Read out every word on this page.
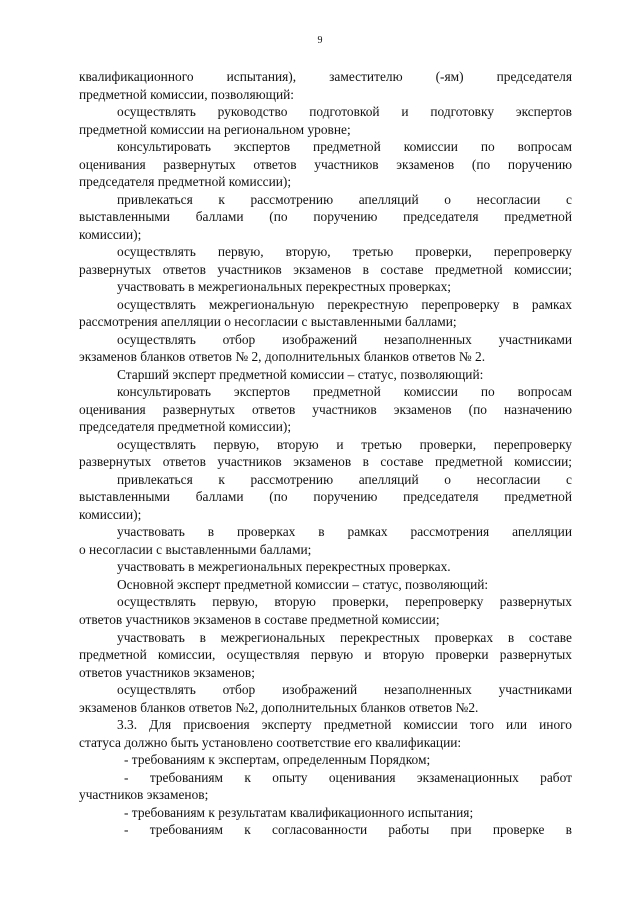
9
квалификационного испытания), заместителю (-ям) председателя
предметной комиссии, позволяющий:
осуществлять руководство подготовкой и подготовку экспертов
предметной комиссии на региональном уровне;
консультировать экспертов предметной комиссии по вопросам
оценивания развернутых ответов участников экзаменов (по поручению
председателя предметной комиссии);
привлекаться к рассмотрению апелляций о несогласии с
выставленными баллами (по поручению председателя предметной
комиссии);
осуществлять первую, вторую, третью проверки, перепроверку
развернутых ответов участников экзаменов в составе предметной комиссии;
участвовать в межрегиональных перекрестных проверках;
осуществлять межрегиональную перекрестную перепроверку в рамках
рассмотрения апелляции о несогласии с выставленными баллами;
осуществлять отбор изображений незаполненных участниками
экзаменов бланков ответов № 2, дополнительных бланков ответов № 2.
Старший эксперт предметной комиссии – статус, позволяющий:
консультировать экспертов предметной комиссии по вопросам
оценивания развернутых ответов участников экзаменов (по назначению
председателя предметной комиссии);
осуществлять первую, вторую и третью проверки, перепроверку
развернутых ответов участников экзаменов в составе предметной комиссии;
привлекаться к рассмотрению апелляций о несогласии с
выставленными баллами (по поручению председателя предметной
комиссии);
участвовать в проверках в рамках рассмотрения апелляции
о несогласии с выставленными баллами;
участвовать в межрегиональных перекрестных проверках.
Основной эксперт предметной комиссии – статус, позволяющий:
осуществлять первую, вторую проверки, перепроверку развернутых
ответов участников экзаменов в составе предметной комиссии;
участвовать в межрегиональных перекрестных проверках в составе
предметной комиссии, осуществляя первую и вторую проверки развернутых
ответов участников экзаменов;
осуществлять отбор изображений незаполненных участниками
экзаменов бланков ответов №2, дополнительных бланков ответов №2.
3.3. Для присвоения эксперту предметной комиссии того или иного
статуса должно быть установлено соответствие его квалификации:
- требованиям к экспертам, определенным Порядком;
- требованиям к опыту оценивания экзаменационных работ
участников экзаменов;
- требованиям к результатам квалификационного испытания;
- требованиям к согласованности работы при проверке в
